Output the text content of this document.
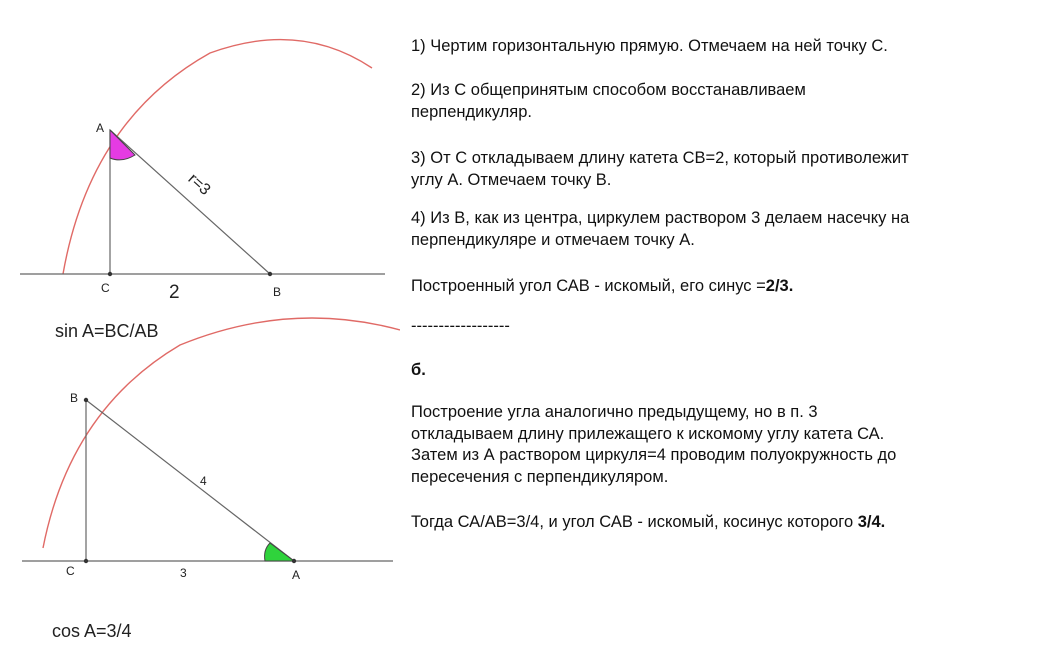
A
C	B
2
r=3
sin A=BC/AB
B
C	A
3
4
cos A=3/4

1) Чертим горизонтальную прямую. Отмечаем на ней точку С.

2) Из С общепринятым способом восстанавливаем
перпендикуляр.

3) От С откладываем длину катета СВ=2, который противолежит
углу А. Отмечаем точку В.

4) Из В, как из центра, циркулем раствором 3 делаем насечку на
перпендикуляре и отмечаем точку А.

Построенный угол САВ - искомый, его синус =2/3.

------------------

б.

Построение угла аналогично предыдущему, но в п. 3
откладываем длину прилежащего к искомому углу катета СА.
Затем из А раствором циркуля=4 проводим полуокружность до
пересечения с перпендикуляром.

Тогда СА/АВ=3/4, и угол САВ - искомый, косинус которого 3/4.
